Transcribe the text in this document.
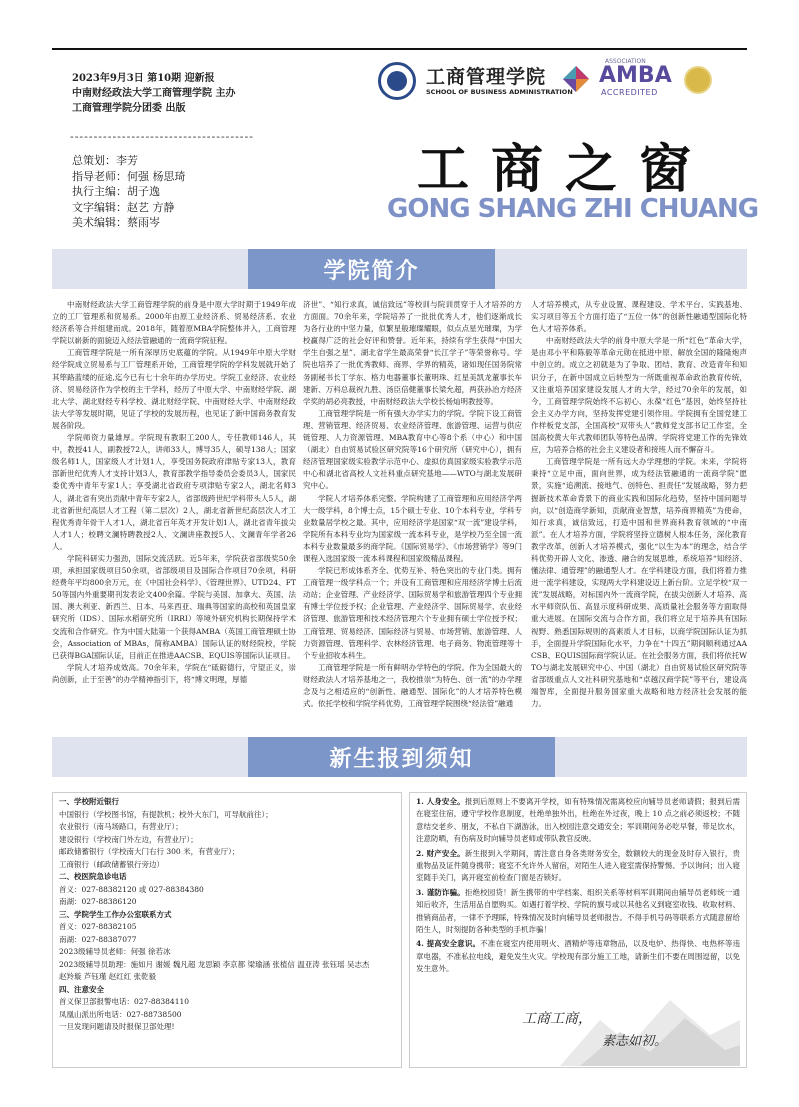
2023年9月3日 第10期 迎新报
中南财经政法大学工商管理学院 主办
工商管理学院分团委 出版
---------------------------------------
总策划：李芳
指导老师：何强 杨思琦
执行主编：胡子逸
文字编辑：赵艺 方静
美术编辑：蔡雨岑
工商管理学院
SCHOOL OF BUSINESS ADMINISTRATION
ASSOCIATION
AMBA
ACCREDITED
工商之窗
GONG SHANG ZHI CHUANG
学院简介

中南财经政法大学工商管理学院的前身是中原大学时期于1949年成立的工厂管理系和贸易系。2000年由原工业经济系、贸易经济系、农业经济系等合并组建而成。2018年，随着原MBA学院整体并入，工商管理学院以崭新的面貌迈入经法管融通的一流商学院征程。

工商管理学院是一所有深厚历史底蕴的学院。从1949年中原大学财经学院成立贸易系与工厂管理系开始，工商管理学院的学科发展就开始了其筚路蓝缕的征途,迄今已有七十余年的办学历史。学院工业经济、农业经济、贸易经济作为学校的主干学科，经历了中原大学、中南财经学院、湖北大学、湖北财经专科学校、湖北财经学院、中南财经大学、中南财经政法大学等发展时期，见证了学校的发展历程，也见证了新中国商务教育发展各阶段。

学院师资力量雄厚。学院现有教职工200人，专任教师146人，其中，教授41人，副教授72人，讲师33人，博导35人，硕导138人；国家级名师1人，国家级人才计划1人，享受国务院政府津贴专家13人，教育部新世纪优秀人才支持计划3人，教育部教学指导委员会委员3人，国家民委优秀中青年专家1人；享受湖北省政府专项津贴专家2人，湖北名师3人，湖北省有突出贡献中青年专家2人，省部级跨世纪学科带头人5人，湖北省新世纪高层人才工程（第二层次）2人，湖北省新世纪高层次人才工程优秀青年骨干人才1人，湖北省百年英才开发计划1人，湖北省青年拔尖人才1人；校聘文澜特聘教授2人、文澜讲座教授5人、文澜青年学者26人。

学院科研实力强劲，国际交流活跃。近5年来，学院获省部级奖50余项，承担国家级项目50余项，省部级项目及国际合作项目70余项，科研经费年平均800余万元，在《中国社会科学》、《管理世界》、UTD24、FT50等国内外重要期刊发表论文400余篇。学院与美国、加拿大、英国、法国、澳大利亚、新西兰、日本、马来西亚、瑞典等国家的高校和英国皇家研究所（IDS）、国际水稻研究所（IRRI）等境外研究机构长期保持学术交流和合作研究。作为中国大陆第一个获得AMBA（英国工商管理硕士协会，Association of MBAs，简称AMBA）国际认证的财经院校，学院已获得BGA国际认证，目前正在推进AACSB、EQUIS等国际认证项目。

学院人才培养成效高。70余年来，学院在“砥砺德行，守望正义，崇尚创新，止于至善”的办学精神指引下，将“博文明理，厚德

济世”、“知行求真，诚信致远”等校训与院训贯穿于人才培养的方方面面。70余年来，学院培养了一批批优秀人才，他们逐渐成长为各行业的中坚力量，似繁星般璀璨耀眼，似点点星光璀璨，为学校赢得广泛的社会好评和赞誉。近年来，持续有学生获得“中国大学生自强之星”、湖北省学生最高荣誉“长江学子”等荣誉称号。学院也培养了一批优秀教师、商界、学界的精英，诸如现任国务院常务副秘书长丁学东、格力电器董事长董明珠、红星美凯龙董事长车建新、万科总裁祝九胜、汤臣倍健董事长梁允超，两获孙冶方经济学奖的胡必亮教授，中南财经政法大学校长杨灿明教授等。

工商管理学院是一所有强大办学实力的学院。学院下设工商管理、营销管理、经济贸易、农业经济管理、旅游管理、运营与供应链管理、人力资源管理、MBA教育中心等8个系（中心）和中国（湖北）自由贸易试验区研究院等16个研究所（研究中心），拥有经济管理国家级实验教学示范中心、虚拟仿真国家级实验教学示范中心和湖北省高校人文社科重点研究基地——WTO与湖北发展研究中心。

学院人才培养体系完整。学院构建了工商管理和应用经济学两大一级学科，8个博士点，15个硕士专业、10个本科专业，学科专业数量居学校之最。其中，应用经济学是国家“双一流”建设学科，学院所有本科专业均为国家级一流本科专业，是学校乃至全国一流本科专业数量最多的商学院。《国际贸易学》、《市场营销学》等9门课程入选国家级一流本科课程和国家级精品课程。

学院已形成体系齐全、优势互补、特色突出的专业门类。拥有工商管理一级学科点一个；并设有工商管理和应用经济学博士后流动站；企业管理、产业经济学、国际贸易学和旅游管理四个专业拥有博士学位授予权；企业管理、产业经济学、国际贸易学、农业经济管理、旅游管理和技术经济管理六个专业拥有硕士学位授予权；工商管理、贸易经济、国际经济与贸易、市场营销、旅游管理、人力资源管理、管理科学、农林经济管理、电子商务、物流管理等十个专业招收本科生。

工商管理学院是一所有鲜明办学特色的学院。作为全国最大的财经政法人才培养基地之一，我校推崇“为特色、创一流”的办学理念及与之相适应的“创新性、融通型、国际化”的人才培养特色模式。依托学校和学院学科优势，工商管理学院围绕“经法管”融通

人才培养模式，从专业设置、课程建设、学术平台、实践基地、实习项目等五个方面打造了“五位一体”的创新性融通型国际化特色人才培养体系。

中南财经政法大学的前身中原大学是一所“红色”革命大学，是由邓小平和陈毅等革命元勋在抵进中原、解放全国的隆隆炮声中创立的。成立之初就是为了争取、团结、教育、改造青年和知识分子，在新中国成立后转型为一所既重视革命政治教育传统，又注重培养国家建设发展人才的大学，经过70余年的发展，如今，工商管理学院始终不忘初心、永葆“红色”基因，始终坚持社会主义办学方向，坚持发挥党建引领作用。学院拥有全国党建工作样板党支部，全国高校“双带头人”教师党支部书记工作室，全国高校黄大年式教师团队等特色品牌。学院将党建工作的先锋效应，为培养合格的社会主义建设者和接班人而不懈奋斗。

工商管理学院是一所有远大办学理想的学院。未来，学院将秉持“立足中南，面向世界，成为经法管融通的一流商学院”愿景，实施“追溯流、接地气、创特色、担责任”发展战略，努力把握新技术革命背景下的商业实践和国际化趋势，坚持中国问题导向，以“创造商学新知，贡献商业智慧，培养商界精英”为使命，知行求真，诚信致远，打造中国和世界商科教育领域的“中南派”。在人才培养方面，学院将坚持立德树人根本任务，深化教育教学改革，创新人才培养模式，强化“以生为本”的理念，结合学科优势开辟人文化、渗透、融合的发展思维，系统培养“知经济、懂法律、通管理”的融通型人才。在学科建设方面，我们将着力推进一流学科建设，实现两大学科建设迈上新台阶。立足学校“双一流”发展战略，对标国内外一流商学院，在拔尖创新人才培养、高水平师资队伍、高显示度科研成果、高质量社会服务等方面取得重大进展。在国际交流与合作方面，我们将立足于培养具有国际视野、熟悉国际规则的高素质人才目标，以商学院国际认证为抓手，全面提升学院国际化水平，力争在“十四五”期间顺利通过AACSB、EQUIS国际商学院认证。在社会服务方面，我们将依托WTO与湖北发展研究中心、中国（湖北）自由贸易试验区研究院等省部级重点人文社科研究基地和“卓越汉商学院”等平台，建设高端智库，全面提升服务国家重大战略和地方经济社会发展的能力。

新生报到须知
一、学校附近银行
中国银行（学校图书馆，有提款机；校外大东门，可导航前往）；
农业银行（南马场路口，有营业厅）；
建设银行（学校南门外左边，有营业厅）；
邮政储蓄银行（学校南大门右行 300 米，有营业厅）；
工商银行（邮政储蓄银行旁边）
二、校医院急诊电话
首义：027-88382120 或 027-88384380
南湖：027-88386120
三、学院学生工作办公室联系方式
首义：027-88382105
南湖：027-88387077
2023级辅导员老师：何强 徐若冰
2023级辅导员助理：施如月 谢媛 魏凡超 龙思颖 李京都 梁瑜涵 张植信 温亚涛 张钰瑶 吴志杰
赵羚璇 芦钰瑾 赵红红 张乾毅
四、注意安全
首义保卫部报警电话：027-88384110
凤凰山派出所电话：027-88738500
一旦发现问题请及时报保卫部处理!

1. 人身安全。报到后原则上不要离开学校，如有特殊情况需离校应向辅导员老师请假；报到后需在寝室住宿，遵守学校作息制度，杜绝单独外出，杜绝在外过夜，晚上 10 点之前必须返校；不随意结交老乡、朋友，不私自下湖游泳，出入校园注意交通安全；军训期间务必吃早餐，带足饮水，注意防晒，有伤病及时向辅导员老师或带队教官反映。

2. 财产安全。新生报到入学期间，需注意自身各类财务安全，数额较大的现金及时存入银行，贵重物品及证件随身携带；寝室不允许外人留宿，对陌生人进入寝室需保持警惕、予以询问；出入寝室随手关门，离开寝室前检查门窗是否锁好。

3. 谨防诈骗。拒绝校园贷！新生携带的中学档案、组织关系等材料军训期间由辅导员老师统一通知后收齐，生活用品自愿购买。如遇打着学校、学院的旗号或以其他名义到寝室收钱、收取材料、推销商品者，一律不予理睬，特殊情况及时向辅导员老师报告。不得手机号码等联系方式随意留给陌生人，时刻提防各种类型的手机诈骗！

4. 提高安全意识。不准在寝室内使用明火、酒精炉等违章物品，以及电炉、热得快、电热杯等违章电器，不准私拉电线，避免发生火灾。学校现有部分施工工地，请新生们不要在周围逗留，以免发生意外。

工商工商，
素志如初。
